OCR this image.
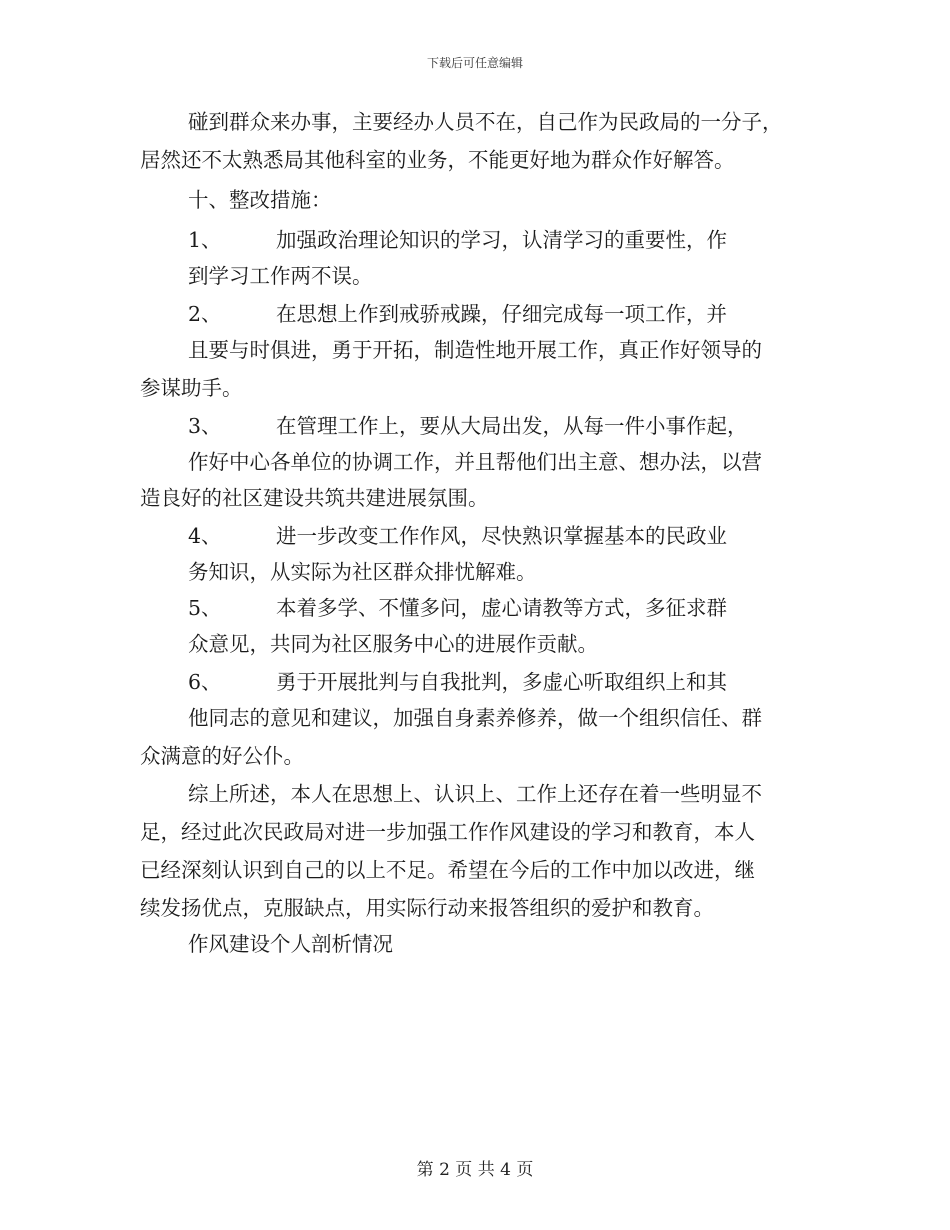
下载后可任意编辑
碰到群众来办事，主要经办人员不在，自己作为民政局的一分子，
居然还不太熟悉局其他科室的业务，不能更好地为群众作好解答。
十、整改措施：
1、	加强政治理论知识的学习，认清学习的重要性，作
到学习工作两不误。
2、	在思想上作到戒骄戒躁，仔细完成每一项工作，并
且要与时俱进，勇于开拓，制造性地开展工作，真正作好领导的
参谋助手。
3、	在管理工作上，要从大局出发，从每一件小事作起，
作好中心各单位的协调工作，并且帮他们出主意、想办法，以营
造良好的社区建设共筑共建进展氛围。
4、	进一步改变工作作风，尽快熟识掌握基本的民政业
务知识，从实际为社区群众排忧解难。
5、	本着多学、不懂多问，虚心请教等方式，多征求群
众意见，共同为社区服务中心的进展作贡献。
6、	勇于开展批判与自我批判，多虚心听取组织上和其
他同志的意见和建议，加强自身素养修养，做一个组织信任、群
众满意的好公仆。
综上所述，本人在思想上、认识上、工作上还存在着一些明显不
足，经过此次民政局对进一步加强工作作风建设的学习和教育，本人
已经深刻认识到自己的以上不足。希望在今后的工作中加以改进，继
续发扬优点，克服缺点，用实际行动来报答组织的爱护和教育。
作风建设个人剖析情况
第 2 页 共 4 页
